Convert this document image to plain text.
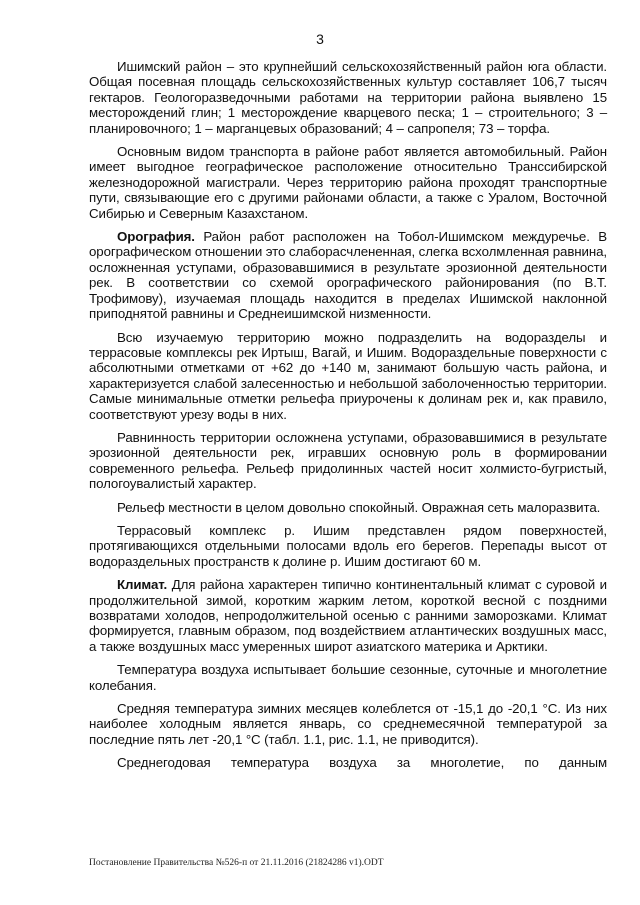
3

Ишимский район – это крупнейший сельскохозяйственный район юга области. Общая посевная площадь сельскохозяйственных культур составляет 106,7 тысяч гектаров. Геологоразведочными работами на территории района выявлено 15 месторождений глин; 1 месторождение кварцевого песка; 1 – строительного; 3 – планировочного; 1 – марганцевых образований; 4 – сапропеля; 73 – торфа.

Основным видом транспорта в районе работ является автомобильный. Район имеет выгодное географическое расположение относительно Транссибирской железнодорожной магистрали. Через территорию района проходят транспортные пути, связывающие его с другими районами области, а также с Уралом, Восточной Сибирью и Северным Казахстаном.

Орография. Район работ расположен на Тобол-Ишимском междуречье. В орографическом отношении это слаборасчлененная, слегка всхолмленная равнина, осложненная уступами, образовавшимися в результате эрозионной деятельности рек. В соответствии со схемой орографического районирования (по В.Т. Трофимову), изучаемая площадь находится в пределах Ишимской наклонной приподнятой равнины и Среднеишимской низменности.

Всю изучаемую территорию можно подразделить на водоразделы и террасовые комплексы рек Иртыш, Вагай, и Ишим. Водораздельные поверхности с абсолютными отметками от +62 до +140 м, занимают большую часть района, и характеризуется слабой залесенностью и небольшой заболоченностью территории. Самые минимальные отметки рельефа приурочены к долинам рек и, как правило, соответствуют урезу воды в них.

Равнинность территории осложнена уступами, образовавшимися в результате эрозионной деятельности рек, игравших основную роль в формировании современного рельефа. Рельеф придолинных частей носит холмисто-бугристый, пологоувалистый характер.

Рельеф местности в целом довольно спокойный. Овражная сеть малоразвита.

Террасовый комплекс р. Ишим представлен рядом поверхностей, протягивающихся отдельными полосами вдоль его берегов. Перепады высот от водораздельных пространств к долине р. Ишим достигают 60 м.

Климат. Для района характерен типично континентальный климат с суровой и продолжительной зимой, коротким жарким летом, короткой весной с поздними возвратами холодов, непродолжительной осенью с ранними заморозками. Климат формируется, главным образом, под воздействием атлантических воздушных масс, а также воздушных масс умеренных широт азиатского материка и Арктики.

Температура воздуха испытывает большие сезонные, суточные и многолетние колебания.

Средняя температура зимних месяцев колеблется от -15,1 до -20,1 °С. Из них наиболее холодным является январь, со среднемесячной температурой за последние пять лет -20,1 °С (табл. 1.1, рис. 1.1, не приводится).

Среднегодовая температура воздуха за многолетие, по данным

Постановление Правительства №526-п от 21.11.2016 (21824286 v1).ODT
